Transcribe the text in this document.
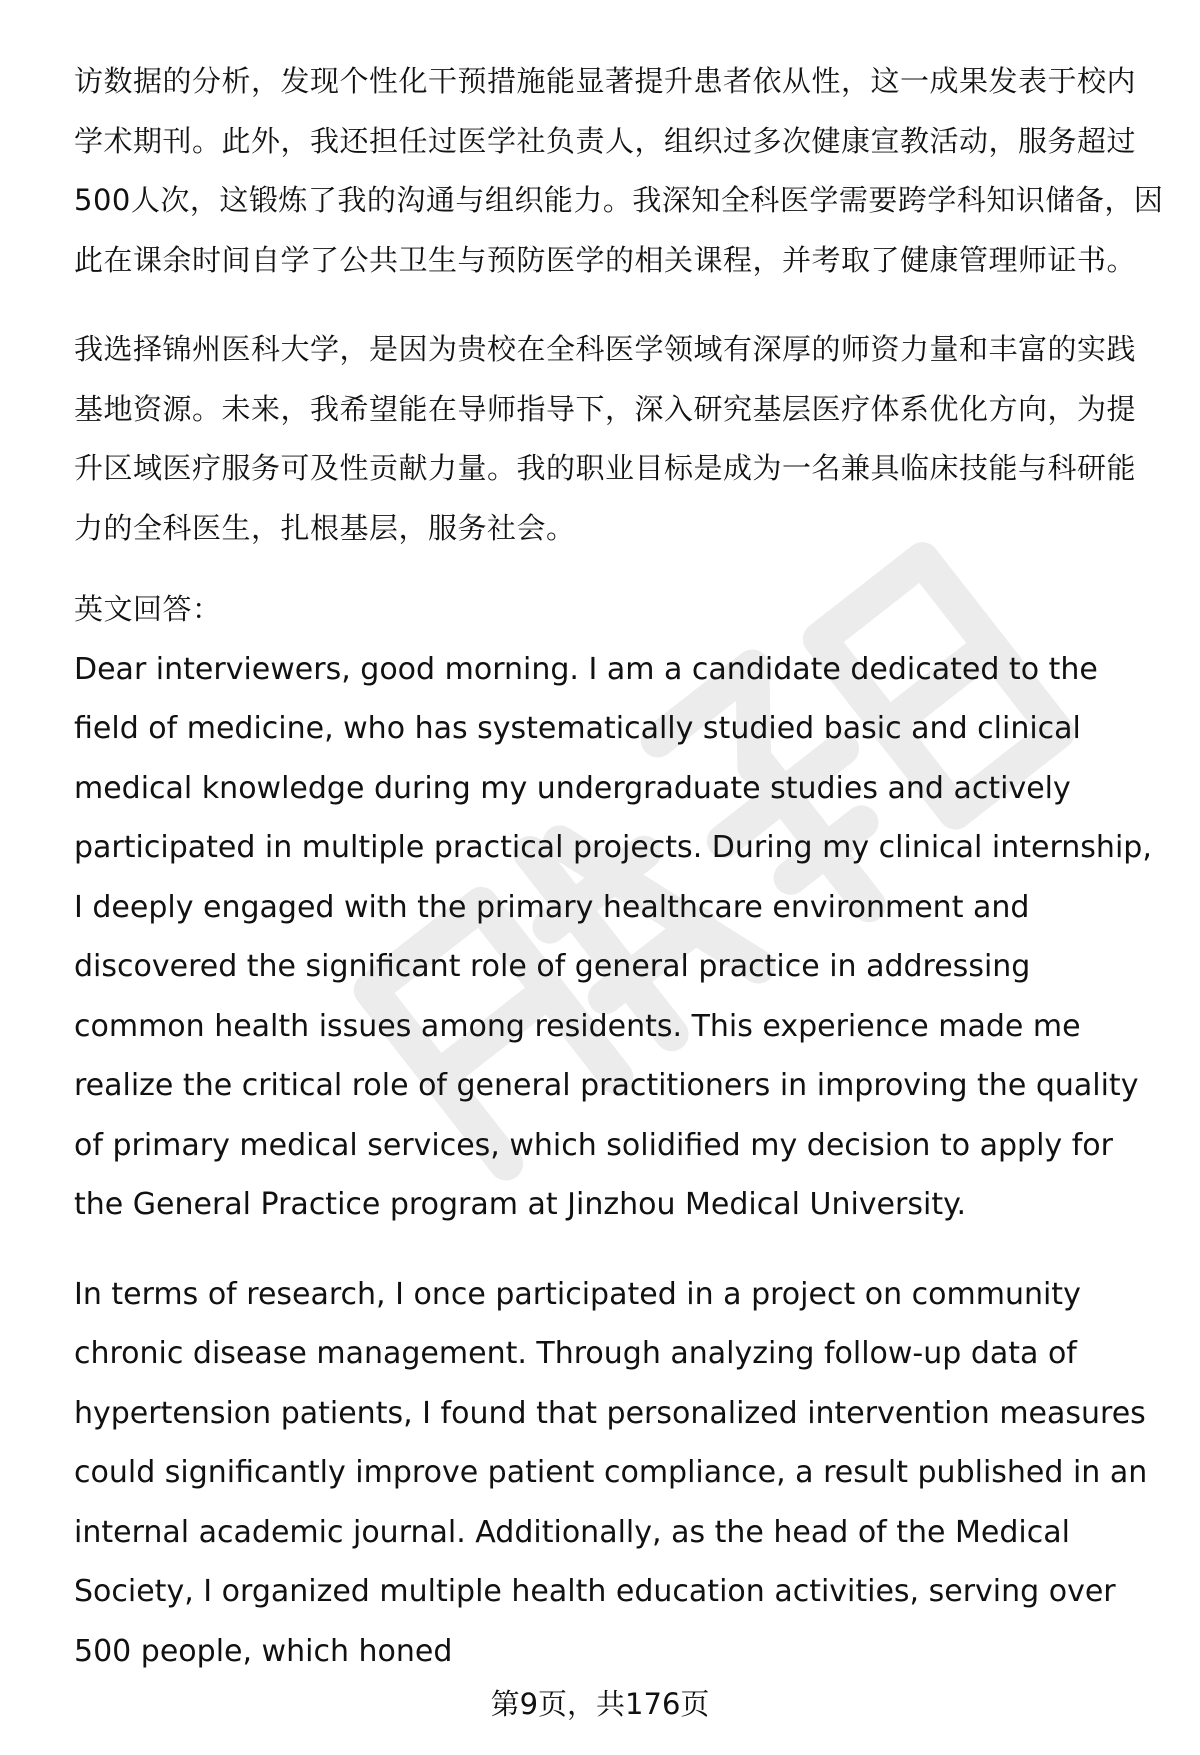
访数据的分析，发现个性化干预措施能显著提升患者依从性，这一成果发表于校内学术期刊。此外，我还担任过医学社负责人，组织过多次健康宣教活动，服务超过500人次，这锻炼了我的沟通与组织能力。我深知全科医学需要跨学科知识储备，因此在课余时间自学了公共卫生与预防医学的相关课程，并考取了健康管理师证书。

我选择锦州医科大学，是因为贵校在全科医学领域有深厚的师资力量和丰富的实践基地资源。未来，我希望能在导师指导下，深入研究基层医疗体系优化方向，为提升区域医疗服务可及性贡献力量。我的职业目标是成为一名兼具临床技能与科研能力的全科医生，扎根基层，服务社会。

英文回答：

Dear interviewers, good morning. I am a candidate dedicated to the field of medicine, who has systematically studied basic and clinical medical knowledge during my undergraduate studies and actively participated in multiple practical projects. During my clinical internship, I deeply engaged with the primary healthcare environment and discovered the significant role of general practice in addressing common health issues among residents. This experience made me realize the critical role of general practitioners in improving the quality of primary medical services, which solidified my decision to apply for the General Practice program at Jinzhou Medical University.

In terms of research, I once participated in a project on community chronic disease management. Through analyzing follow-up data of hypertension patients, I found that personalized intervention measures could significantly improve patient compliance, a result published in an internal academic journal. Additionally, as the head of the Medical Society, I organized multiple health education activities, serving over 500 people, which honed

第9页，共176页
